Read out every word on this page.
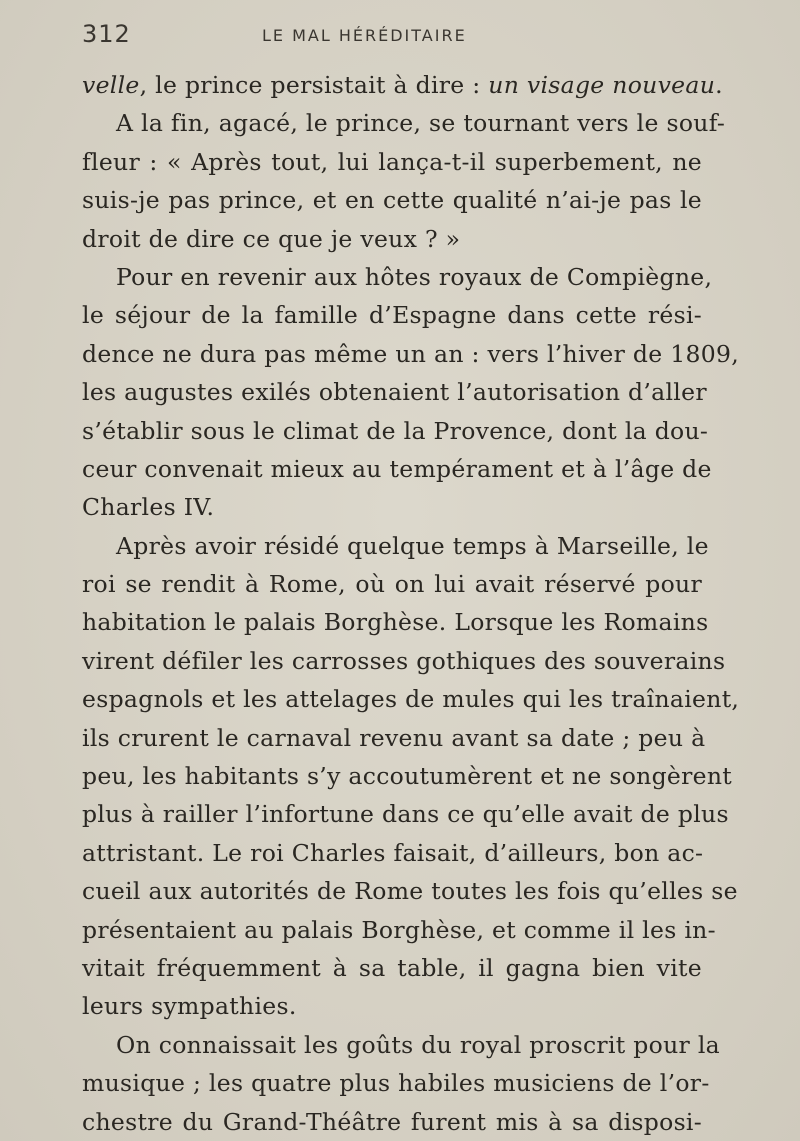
312	LE MAL HÉRÉDITAIRE
velle, le prince persistait à dire : un visage nouveau.
A la fin, agacé, le prince, se tournant vers le souf-
fleur : « Après tout, lui lança-t-il superbement, ne
suis-je pas prince, et en cette qualité n’ai-je pas le
droit de dire ce que je veux ? »
Pour en revenir aux hôtes royaux de Compiègne,
le séjour de la famille d’Espagne dans cette rési-
dence ne dura pas même un an : vers l’hiver de 1809,
les augustes exilés obtenaient l’autorisation d’aller
s’établir sous le climat de la Provence, dont la dou-
ceur convenait mieux au tempérament et à l’âge de
Charles IV.
Après avoir résidé quelque temps à Marseille, le
roi se rendit à Rome, où on lui avait réservé pour
habitation le palais Borghèse. Lorsque les Romains
virent défiler les carrosses gothiques des souverains
espagnols et les attelages de mules qui les traînaient,
ils crurent le carnaval revenu avant sa date ; peu à
peu, les habitants s’y accoutumèrent et ne songèrent
plus à railler l’infortune dans ce qu’elle avait de plus
attristant. Le roi Charles faisait, d’ailleurs, bon ac-
cueil aux autorités de Rome toutes les fois qu’elles se
présentaient au palais Borghèse, et comme il les in-
vitait fréquemment à sa table, il gagna bien vite
leurs sympathies.
On connaissait les goûts du royal proscrit pour la
musique ; les quatre plus habiles musiciens de l’or-
chestre du Grand-Théâtre furent mis à sa disposi-
